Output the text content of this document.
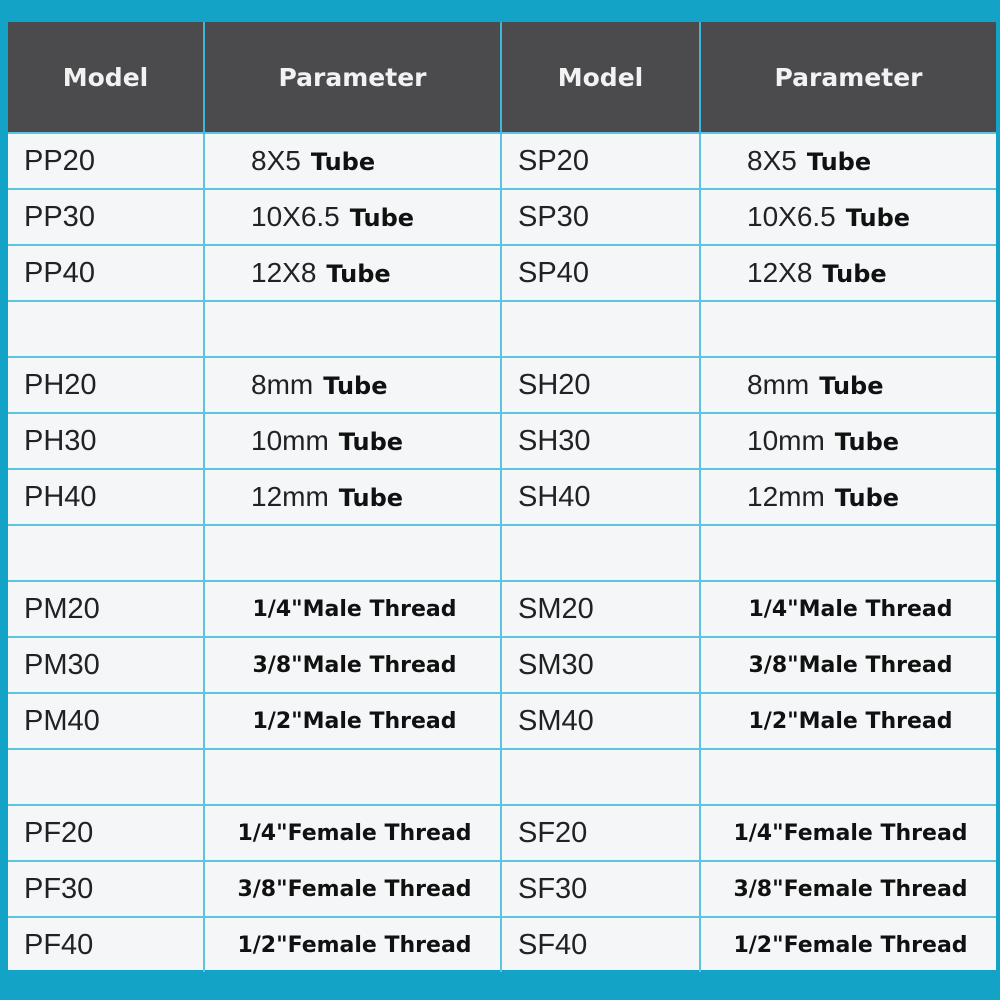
Model	Parameter	Model	Parameter
PP20	8X5 Tube	SP20	8X5 Tube
PP30	10X6.5 Tube	SP30	10X6.5 Tube
PP40	12X8 Tube	SP40	12X8 Tube

PH20	8mm Tube	SH20	8mm Tube
PH30	10mm Tube	SH30	10mm Tube
PH40	12mm Tube	SH40	12mm Tube

PM20	1/4"Male Thread	SM20	1/4"Male Thread
PM30	3/8"Male Thread	SM30	3/8"Male Thread
PM40	1/2"Male Thread	SM40	1/2"Male Thread

PF20	1/4"Female Thread	SF20	1/4"Female Thread
PF30	3/8"Female Thread	SF30	3/8"Female Thread
PF40	1/2"Female Thread	SF40	1/2"Female Thread
